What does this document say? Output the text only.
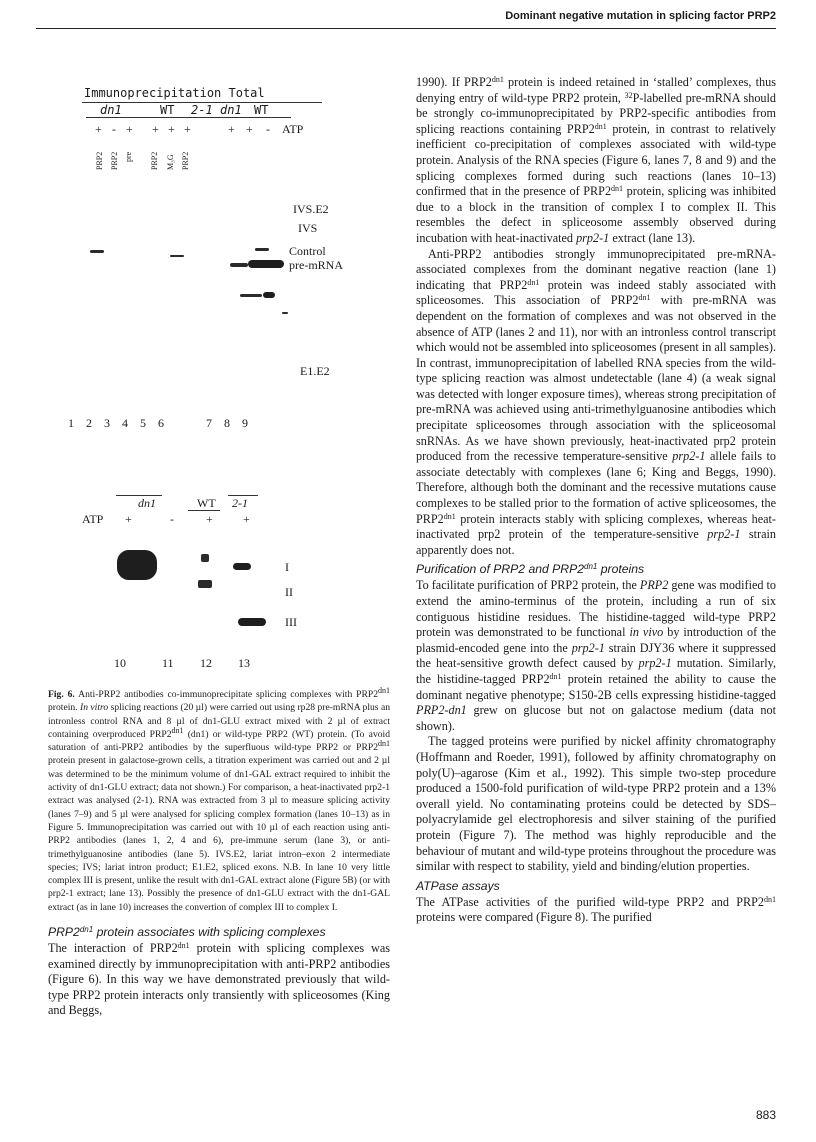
Dominant negative mutation in splicing factor PRP2
Immunoprecipitation Total
dn1	WT 2-1 dn1 WT
+ - + + + +	+ + - ATP
PRP2 PRP2 pre PRP2 M₃G PRP2
IVS.E2
IVS
Control
pre-mRNA
E1.E2
1  2  3  4  5  6       7  8  9
dn1	WT 2-1
ATP +	-	+	+
I
II
III
10	11 12 13
Fig. 6. Anti-PRP2 antibodies co-immunoprecipitate splicing complexes with $PRP2^{dn1}$ protein. In vitro splicing reactions (20 µl) were carried out using rp28 pre-mRNA plus an intronless control RNA and 8 µl of dn1-GLU extract mixed with 2 µl of extract containing overproduced $PRP2^{dn1}$ (dn1) or wild-type PRP2 (WT) protein. (To avoid saturation of anti-PRP2 antibodies by the superfluous wild-type PRP2 or $PRP2^{dn1}$ protein present in galactose-grown cells, a titration experiment was carried out and 2 µl was determined to be the minimum volume of dn1-GAL extract required to inhibit the activity of dn1-GLU extract; data not shown.) For comparison, a heat-inactivated prp2-1 extract was analysed (2-1). RNA was extracted from 3 µl to measure splicing activity (lanes 7–9) and 5 µl were analysed for splicing complex formation (lanes 10–13) as in Figure 5. Immunoprecipitation was carried out with 10 µl of each reaction using anti-PRP2 antibodies (lanes 1, 2, 4 and 6), pre-immune serum (lane 3), or anti-trimethylguanosine antibodies (lane 5). IVS.E2, lariat intron–exon 2 intermediate species; IVS; lariat intron product; E1.E2, spliced exons. N.B. In lane 10 very little complex III is present, unlike the result with dn1-GAL extract alone (Figure 5B) (or with prp2-1 extract; lane 13). Possibly the presence of dn1-GLU extract with the dn1-GAL extract (as in lane 10) increases the convertion of complex III to complex I.
$PRP2^{dn1}$ protein associates with splicing complexes

The interaction of $PRP2^{dn1}$ protein with splicing complexes was examined directly by immunoprecipitation with anti-PRP2 antibodies (Figure 6). In this way we have demonstrated previously that wild-type PRP2 protein interacts only transiently with spliceosomes (King and Beggs,

1990). If $PRP2^{dn1}$ protein is indeed retained in ‘stalled’ complexes, thus denying entry of wild-type PRP2 protein, $^{32}$P-labelled pre-mRNA should be strongly co-immunoprecipitated by PRP2-specific antibodies from splicing reactions containing $PRP2^{dn1}$ protein, in contrast to relatively inefficient co-precipitation of complexes associated with wild-type protein. Analysis of the RNA species (Figure 6, lanes 7, 8 and 9) and the splicing complexes formed during such reactions (lanes 10–13) confirmed that in the presence of $PRP2^{dn1}$ protein, splicing was inhibited due to a block in the transition of complex I to complex II. This resembles the defect in spliceosome assembly observed during incubation with heat-inactivated prp2-1 extract (lane 13).

Anti-PRP2 antibodies strongly immunoprecipitated pre-mRNA-associated complexes from the dominant negative reaction (lane 1) indicating that $PRP2^{dn1}$ protein was indeed stably associated with spliceosomes. This association of $PRP2^{dn1}$ with pre-mRNA was dependent on the formation of complexes and was not observed in the absence of ATP (lanes 2 and 11), nor with an intronless control transcript which would not be assembled into spliceosomes (present in all samples). In contrast, immunoprecipitation of labelled RNA species from the wild-type splicing reaction was almost undetectable (lane 4) (a weak signal was detected with longer exposure times), whereas strong precipitation of pre-mRNA was achieved using anti-trimethylguanosine antibodies which precipitate spliceosomes through association with the spliceosomal snRNAs. As we have shown previously, heat-inactivated prp2 protein produced from the recessive temperature-sensitive prp2-1 allele fails to associate detectably with complexes (lane 6; King and Beggs, 1990). Therefore, although both the dominant and the recessive mutations cause complexes to be stalled prior to the formation of active spliceosomes, the $PRP2^{dn1}$ protein interacts stably with splicing complexes, whereas heat-inactivated prp2 protein of the temperature-sensitive prp2-1 strain apparently does not.

Purification of PRP2 and $PRP2^{dn1}$ proteins

To facilitate purification of PRP2 protein, the PRP2 gene was modified to extend the amino-terminus of the protein, including a run of six contiguous histidine residues. The histidine-tagged wild-type PRP2 protein was demonstrated to be functional in vivo by introduction of the plasmid-encoded gene into the prp2-1 strain DJY36 where it suppressed the heat-sensitive growth defect caused by prp2-1 mutation. Similarly, the histidine-tagged $PRP2^{dn1}$ protein retained the ability to cause the dominant negative phenotype; S150-2B cells expressing histidine-tagged PRP2-dn1 grew on glucose but not on galactose medium (data not shown).

The tagged proteins were purified by nickel affinity chromatography (Hoffmann and Roeder, 1991), followed by affinity chromatography on poly(U)–agarose (Kim et al., 1992). This simple two-step procedure produced a 1500-fold purification of wild-type PRP2 protein and a 13% overall yield. No contaminating proteins could be detected by SDS–polyacrylamide gel electrophoresis and silver staining of the purified protein (Figure 7). The method was highly reproducible and the behaviour of mutant and wild-type proteins throughout the procedure was similar with respect to stability, yield and binding/elution properties.

ATPase assays

The ATPase activities of the purified wild-type PRP2 and $PRP2^{dn1}$ proteins were compared (Figure 8). The purified

883
